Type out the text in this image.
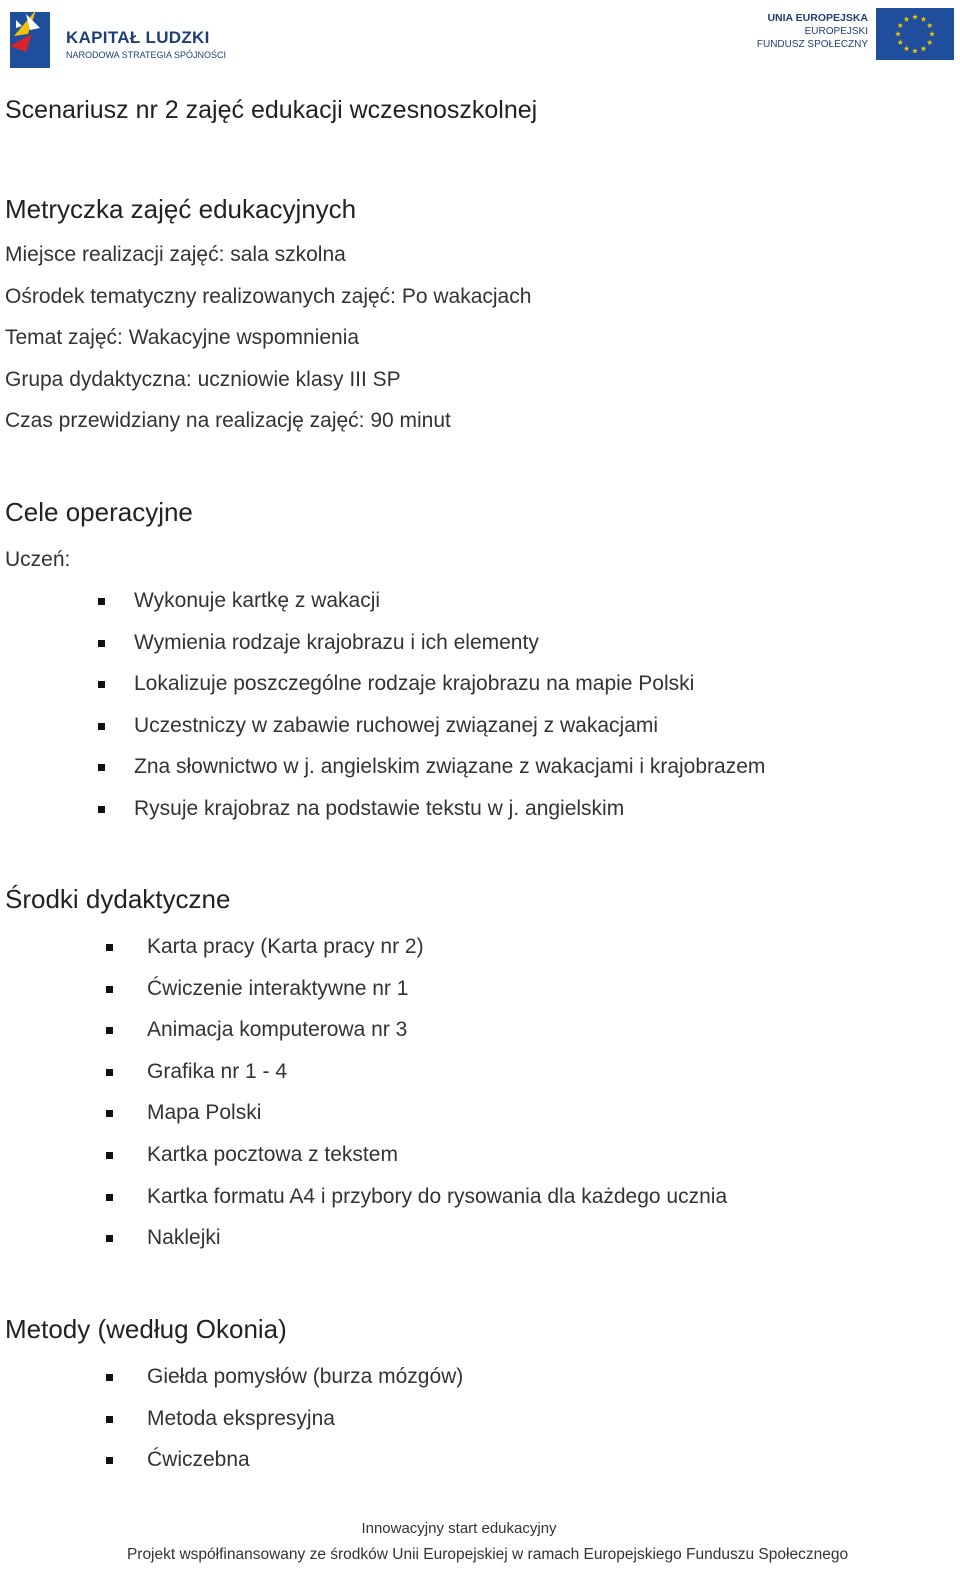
KAPITAŁ LUDZKI
NARODOWA STRATEGIA SPÓJNOŚCI
UNIA EUROPEJSKA
EUROPEJSKI
FUNDUSZ SPOŁECZNY
Scenariusz nr 2 zajęć edukacji wczesnoszkolnej
Metryczka zajęć edukacyjnych
Miejsce realizacji zajęć: sala szkolna
Ośrodek tematyczny realizowanych zajęć: Po wakacjach
Temat zajęć: Wakacyjne wspomnienia
Grupa dydaktyczna: uczniowie klasy III SP
Czas przewidziany na realizację zajęć: 90 minut
Cele operacyjne
Uczeń:
Wykonuje kartkę z wakacji
Wymienia rodzaje krajobrazu i ich elementy
Lokalizuje poszczególne rodzaje krajobrazu na mapie Polski
Uczestniczy w zabawie ruchowej związanej z wakacjami
Zna słownictwo w j. angielskim związane z wakacjami i krajobrazem
Rysuje krajobraz na podstawie tekstu w j. angielskim
Środki dydaktyczne
Karta pracy (Karta pracy nr 2)
Ćwiczenie interaktywne nr 1
Animacja komputerowa nr 3
Grafika nr 1 - 4
Mapa Polski
Kartka pocztowa z tekstem
Kartka formatu A4 i przybory do rysowania dla każdego ucznia
Naklejki
Metody (według Okonia)
Giełda pomysłów (burza mózgów)
Metoda ekspresyjna
Ćwiczebna
Innowacyjny start edukacyjny
Projekt współfinansowany ze środków Unii Europejskiej w ramach Europejskiego Funduszu Społecznego
